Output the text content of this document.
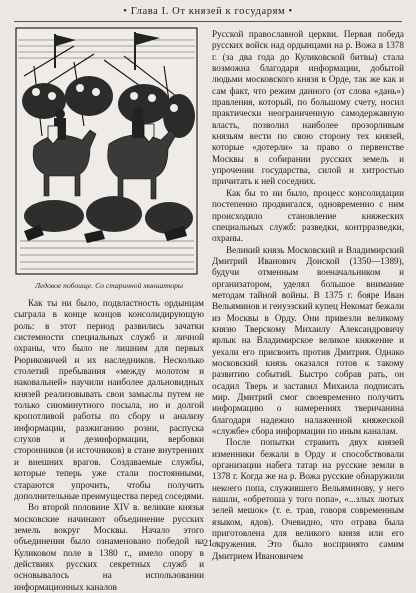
• Глава I. От князей к государям •
Ледовое побоище. Со старинной миниатюры

Как ты ни было, подвластность ордынцам сыграла в конце концов консолидирующую роль: в этот период развились зачатки системности специальных служб и личной охраны, что было не лишним для первых Рюриковичей и их наследников. Несколько столетий пребывания «между молотом и наковальней» научили наиболее дальновидных князей реализовывать свои замыслы путем не только сиюминутного посыла, но и долгой кропотливой работы по сбору и анализу информации, разжиганию розни, распуска слухов и дезинформации, вербовки сторонников (и источников) в стане внутренних и внешних врагов. Создаваемые службы, которые теперь уже стали постоянными, стараются упрочить, чтобы получить дополнительные преимущества перед соседями.

Во второй половине XIV в. великие князья московские начинают объединение русских земель вокруг Москвы. Начало этого объединения было ознаменовано победой на Куликовом поле в 1380 г., имело опору в действиях русских секретных служб и основывалось на использовании информационных каналов

Русской православной церкви. Первая победа русских войск над ордынцами на р. Вожа в 1378 г. (за два года до Куликовской битвы) стала возможна благодаря информации, добытой людьми московского князя в Орде, так же как и сам факт, что режим данного (от слова «дань») правления, который, по большому счету, носил практически неограниченную самодержавную власть, позволил наиболее прозорливым князьям вести по свою сторону тех князей, которые «дотерли» за право о первенстве Москвы в собирании русских земель и упрочении государства, силой и хитростью причитать к ней соседних.

Как бы то ни было, процесс консолидации постепенно продвигался, одновременно с ним происходило становление княжеских специальных служб: разведки, контрразведки, охраны.

Великий князь Московский и Владимирский Дмитрий Иванович Донской (1350—1389), будучи отменным военачальником и организатором, уделял большое внимание методам тайной войны. В 1375 г. бояре Иван Вельяминов и генуэзский купец Некомат бежали из Москвы в Орду. Они привезли великому князю Тверскому Михаилу Александровичу ярлык на Владимирское великое княжение и уехали его присвоить против Дмитрия. Однако московский князь оказался готов к такому развитию событий. Быстро собрав рать, он осадил Тверь и заставил Михаила подписать мир. Дмитрий смог своевременно получить информацию о намерениях тверичанина благодаря надежно налаженной княжеской «службе» сбора информации по иным каналам.

После попытки стравить двух князей изменники бежали в Орду и способствовали организации набега татар на русские земли в 1378 г. Когда же на р. Вожа русские обнаружили некоего попа, служившего Вельяминову, у него нашли, «обретоша у того попа», «...злых лютых зелей мешок» (т. е. трав, говоря современным языком, ядов). Очевидно, что отрава была приготовлена для великого князя или его окружения. Это было воспринято самим Дмитрием Ивановичем

· 21 ·
